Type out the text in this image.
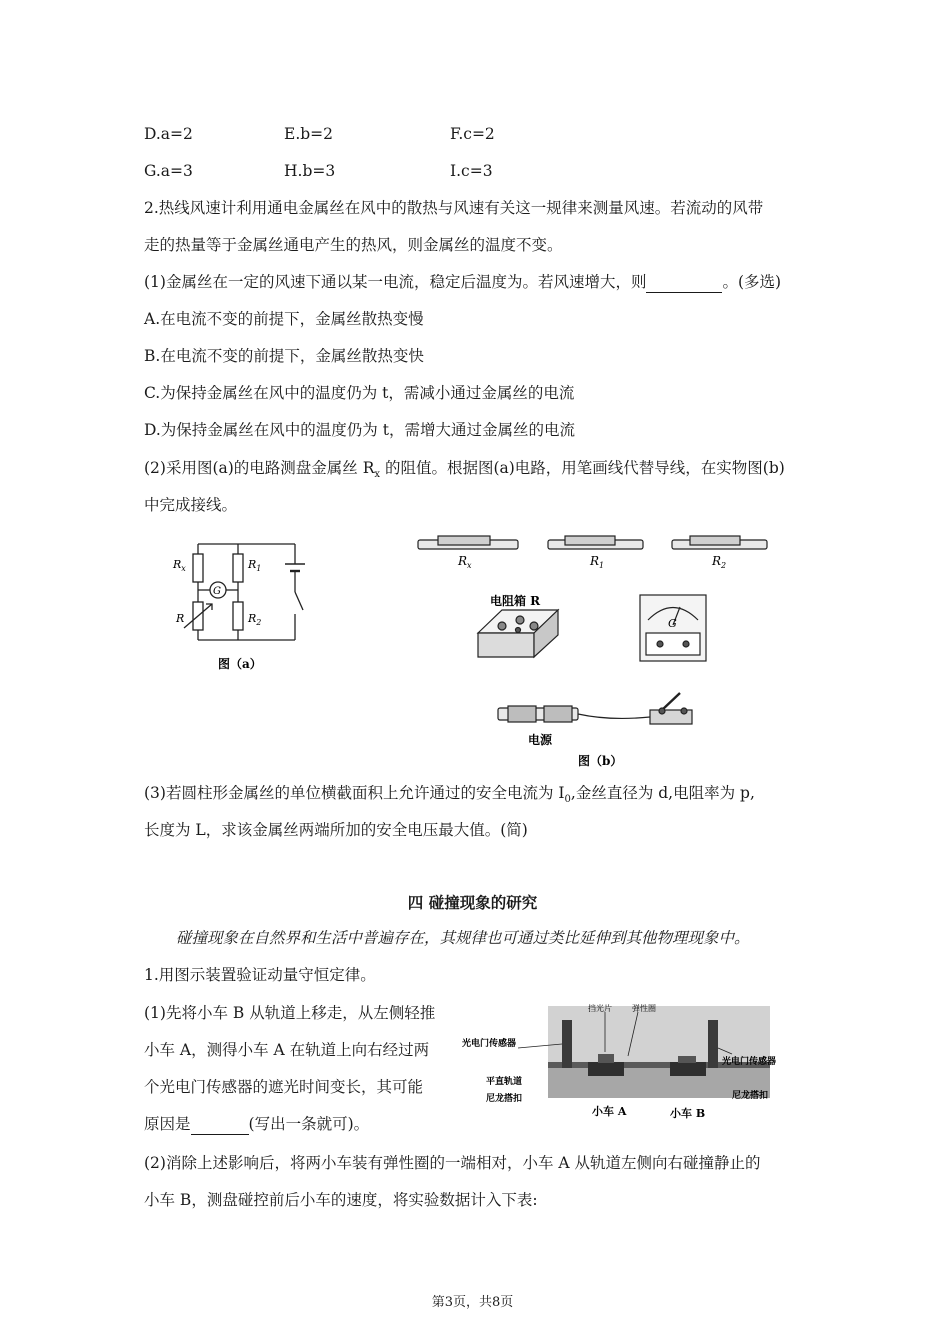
D.a=2	E.b=2	F.c=2
G.a=3	H.b=3	I.c=3
2.热线风速计利用通电金属丝在风中的散热与风速有关这一规律来测量风速。若流动的风带
走的热量等于金属丝通电产生的热风，则金属丝的温度不变。
(1)金属丝在一定的风速下通以某一电流，稳定后温度为。若风速增大，则	。(多选)
A.在电流不变的前提下，金属丝散热变慢
B.在电流不变的前提下，金属丝散热变快
C.为保持金属丝在风中的温度仍为 t，需减小通过金属丝的电流
D.为保持金属丝在风中的温度仍为 t，需增大通过金属丝的电流
(2)采用图(a)的电路测盘金属丝 $R_x$ 的阻值。根据图(a)电路，用笔画线代替导线，在实物图(b)
中完成接线。
$R_x$	$R_1$
G
R	$R_2$
图（a）
$R_x$	$R_1$	$R_2$
电阻箱 R
G
电源
图（b）
(3)若圆柱形金属丝的单位横截面积上允许通过的安全电流为 $I_0$,金丝直径为 d,电阻率为 p,
长度为 L，求该金属丝两端所加的安全电压最大值。(简)
四 碰撞现象的研究
碰撞现象在自然界和生活中普遍存在，其规律也可通过类比延伸到其他物理现象中。
1.用图示装置验证动量守恒定律。
(1)先将小车 B 从轨道上移走，从左侧轻推
小车 A，测得小车 A 在轨道上向右经过两
个光电门传感器的遮光时间变长，其可能
原因是	(写出一条就可)。
挡光片	弹性圈
光电门传感器
光电门传感器
平直轨道
尼龙搭扣	尼龙搭扣
小车 A	小车 B
(2)消除上述影响后，将两小车装有弹性圈的一端相对，小车 A 从轨道左侧向右碰撞静止的
小车 B，测盘碰控前后小车的速度，将实验数据计入下表:
第3页，共8页
